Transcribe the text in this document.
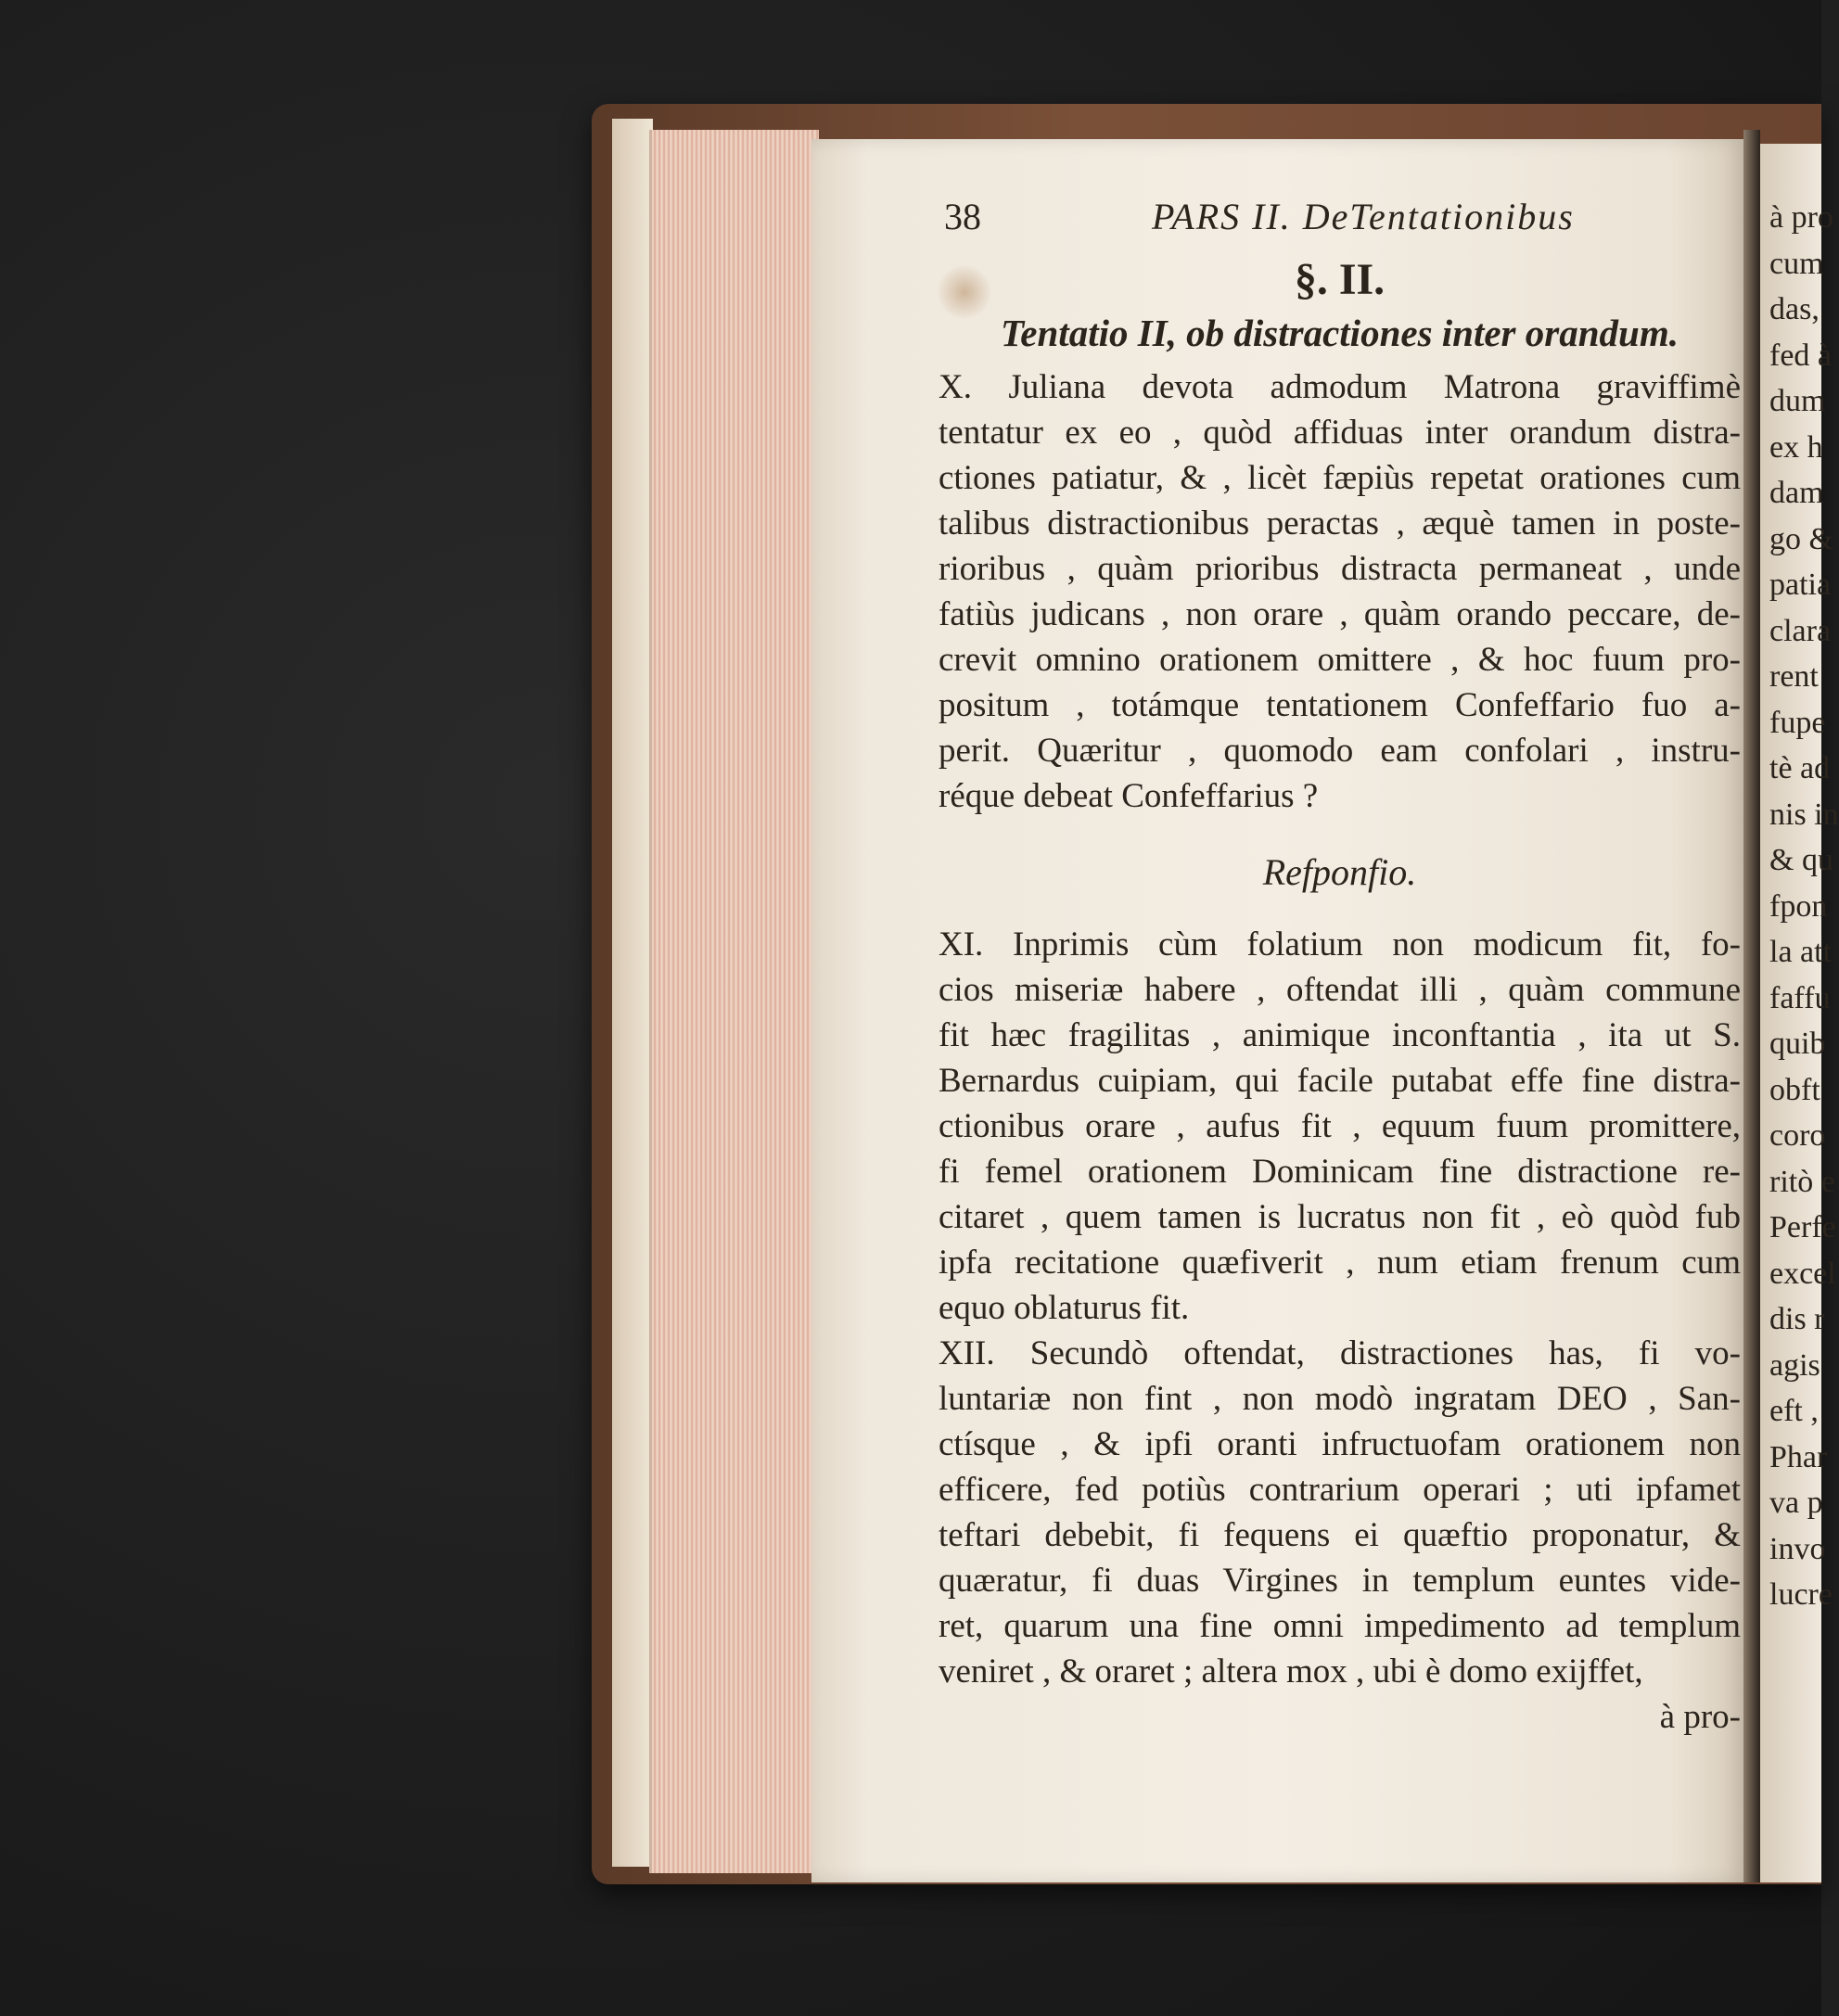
à pro
cum
das,
fed à
dum
ex h
dam
go &
patia
clara
rent
fupe
tè ad
nis in
& qu
fpon
la att
faffu
quib
obft
coro
ritò e
Perfe
excel
dis r
agis
eft ,
Phar
va p
invo
lucre
38	PARS II. DeTentationibus
§. II.
Tentatio II, ob distractiones inter orandum.
X. Juliana devota admodum Matrona graviffimè
tentatur ex eo , quòd affiduas inter orandum distra-
ctiones patiatur, & , licèt fæpiùs repetat orationes cum
talibus distractionibus peractas , æquè tamen in poste-
rioribus , quàm prioribus distracta permaneat , unde
fatiùs judicans , non orare , quàm orando peccare, de-
crevit omnino orationem omittere , & hoc fuum pro-
positum , totámque tentationem Confeffario fuo a-
perit. Quæritur , quomodo eam confolari , instru-
réque debeat Confeffarius ?
Refponfio.
XI. Inprimis cùm folatium non modicum fit, fo-
cios miseriæ habere , oftendat illi , quàm commune
fit hæc fragilitas , animique inconftantia , ita ut S.
Bernardus cuipiam, qui facile putabat effe fine distra-
ctionibus orare , aufus fit , equum fuum promittere,
fi femel orationem Dominicam fine distractione re-
citaret , quem tamen is lucratus non fit , eò quòd fub
ipfa recitatione quæfiverit , num etiam frenum cum
equo oblaturus fit.
XII. Secundò oftendat, distractiones has, fi vo-
luntariæ non fint , non modò ingratam DEO , San-
ctísque , & ipfi oranti infructuofam orationem non
efficere, fed potiùs contrarium operari ; uti ipfamet
teftari debebit, fi fequens ei quæftio proponatur, &
quæratur, fi duas Virgines in templum euntes vide-
ret, quarum una fine omni impedimento ad templum
veniret , & oraret ; altera mox , ubi è domo exijffet,
à pro-
